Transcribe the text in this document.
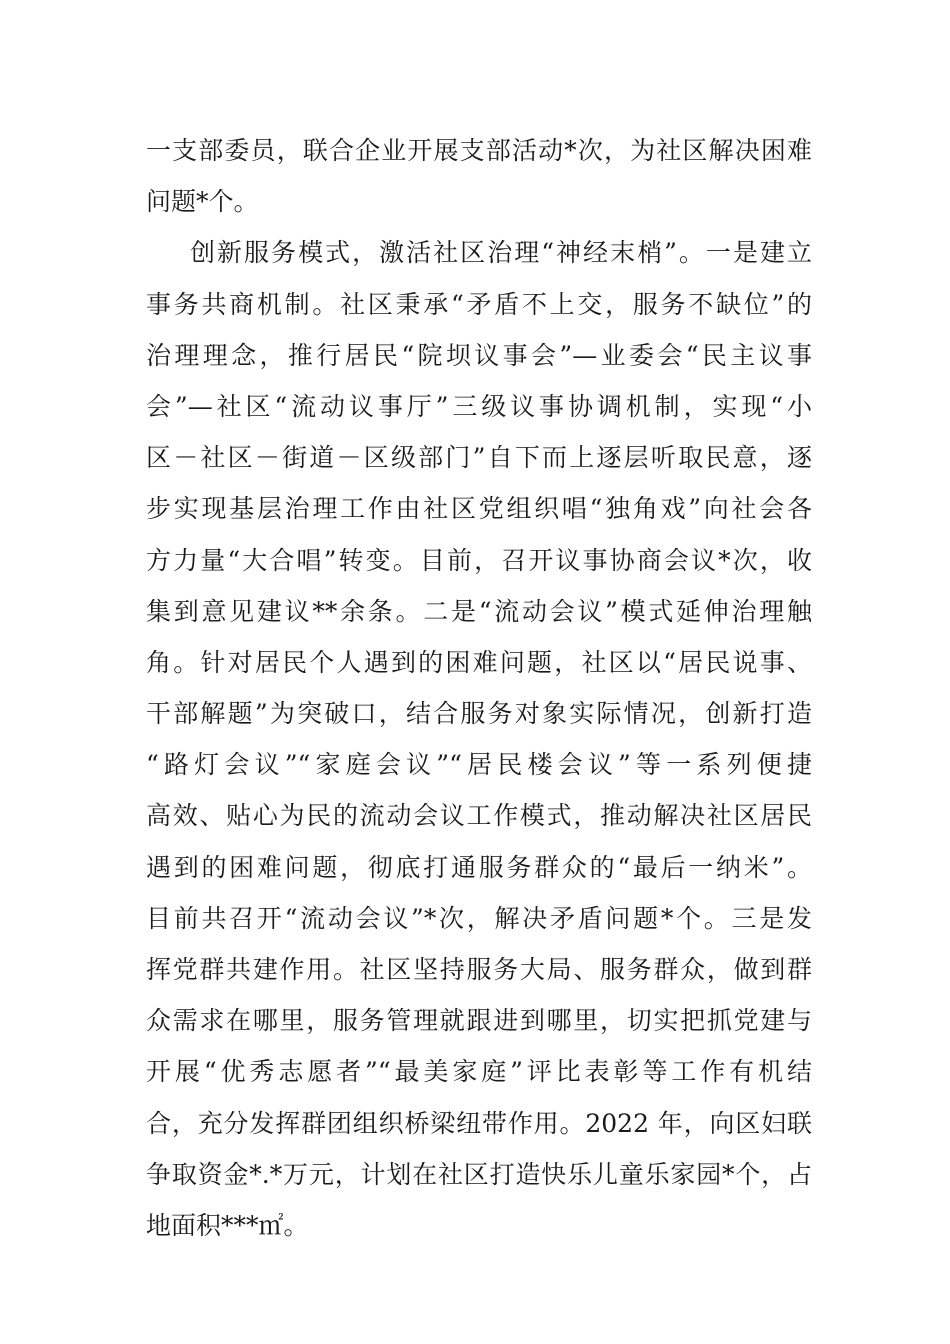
一支部委员，联合企业开展支部活动*次，为社区解决困难
问题*个。
创新服务模式，激活社区治理“神经末梢”。一是建立
事务共商机制。社区秉承“矛盾不上交，服务不缺位”的
治理理念，推行居民“院坝议事会”—业委会“民主议事
会”—社区“流动议事厅”三级议事协调机制，实现“小
区－社区－街道－区级部门”自下而上逐层听取民意，逐
步实现基层治理工作由社区党组织唱“独角戏”向社会各
方力量“大合唱”转变。目前，召开议事协商会议*次，收
集到意见建议**余条。二是“流动会议”模式延伸治理触
角。针对居民个人遇到的困难问题，社区以“居民说事、
干部解题”为突破口，结合服务对象实际情况，创新打造
“路灯会议”“家庭会议”“居民楼会议”等一系列便捷
高效、贴心为民的流动会议工作模式，推动解决社区居民
遇到的困难问题，彻底打通服务群众的“最后一纳米”。
目前共召开“流动会议”*次，解决矛盾问题*个。三是发
挥党群共建作用。社区坚持服务大局、服务群众，做到群
众需求在哪里，服务管理就跟进到哪里，切实把抓党建与
开展“优秀志愿者”“最美家庭”评比表彰等工作有机结
合，充分发挥群团组织桥梁纽带作用。2022 年，向区妇联
争取资金*.*万元，计划在社区打造快乐儿童乐家园*个，占
地面积***㎡。
